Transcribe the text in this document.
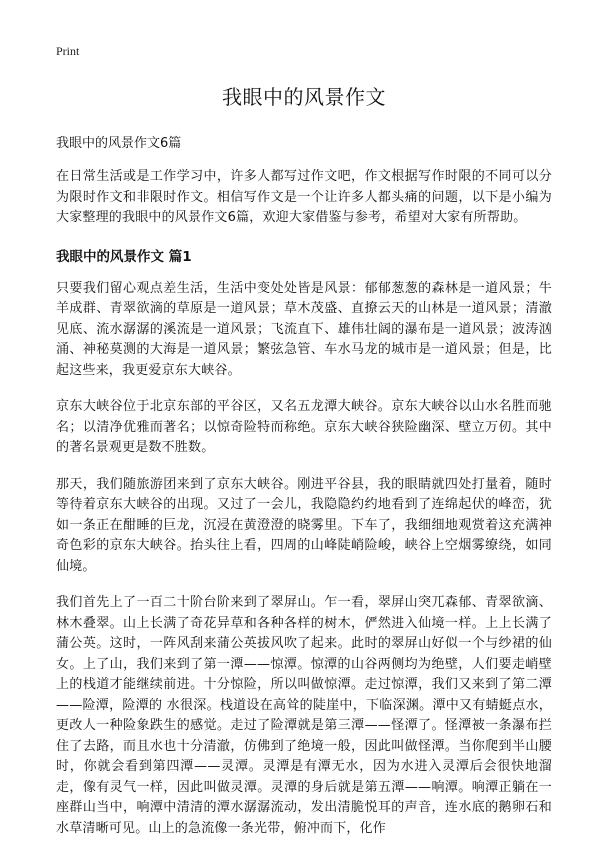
Print
我眼中的风景作文
我眼中的风景作文6篇

在日常生活或是工作学习中，许多人都写过作文吧，作文根据写作时限的不同可以分为限时作文和非限时作文。相信写作文是一个让许多人都头痛的问题，以下是小编为大家整理的我眼中的风景作文6篇，欢迎大家借鉴与参考，希望对大家有所帮助。

我眼中的风景作文 篇1

只要我们留心观点差生活，生活中变处处皆是风景：郁郁葱葱的森林是一道风景；牛羊成群、青翠欲滴的草原是一道风景；草木茂盛、直撩云天的山林是一道风景；清澈见底、流水潺潺的溪流是一道风景；飞流直下、雄伟壮阔的瀑布是一道风景；波涛汹涌、神秘莫测的大海是一道风景；繁弦急管、车水马龙的城市是一道风景；但是，比起这些来，我更爱京东大峡谷。

京东大峡谷位于北京东部的平谷区，又名五龙潭大峡谷。京东大峡谷以山水名胜而驰名；以清净优雅而著名；以惊奇险特而称绝。京东大峡谷狭险幽深、壁立万仞。其中的著名景观更是数不胜数。

那天，我们随旅游团来到了京东大峡谷。刚进平谷县，我的眼睛就四处打量着，随时等待着京东大峡谷的出现。又过了一会儿，我隐隐约约地看到了连绵起伏的峰峦，犹如一条正在酣睡的巨龙，沉浸在黄澄澄的晓雾里。下车了，我细细地观赏着这充满神奇色彩的京东大峡谷。抬头往上看，四周的山峰陡峭险峻，峡谷上空烟雾缭绕，如同仙境。

我们首先上了一百二十阶台阶来到了翠屏山。乍一看，翠屏山突兀森郁、青翠欲滴、林木叠翠。山上长满了奇花异草和各种各样的树木，俨然进入仙境一样。上上长满了蒲公英。这时，一阵风刮来蒲公英拔风吹了起来。此时的翠屏山好似一个与纱裙的仙女。上了山，我们来到了第一潭——惊潭。惊潭的山谷两侧均为绝壁，人们要走峭壁上的栈道才能继续前进。十分惊险，所以叫做惊潭。走过惊潭，我们又来到了第二潭——险潭，险潭的 水很深。栈道设在高耸的陡崖中，下临深渊。潭中又有蜻蜓点水，更改人一种险象跌生的感觉。走过了险潭就是第三潭——怪潭了。怪潭被一条瀑布拦住了去路，而且水也十分清澈，仿佛到了绝境一般，因此叫做怪潭。当你爬到半山腰时，你就会看到第四潭——灵潭。灵潭是有潭无水，因为水进入灵潭后会很快地溜走，像有灵气一样，因此叫做灵潭。灵潭的身后就是第五潭——响潭。响潭正躺在一座群山当中，响潭中清清的潭水潺潺流动，发出清脆悦耳的声音，连水底的鹅卵石和水草清晰可见。山上的急流像一条光带，俯冲而下，化作
